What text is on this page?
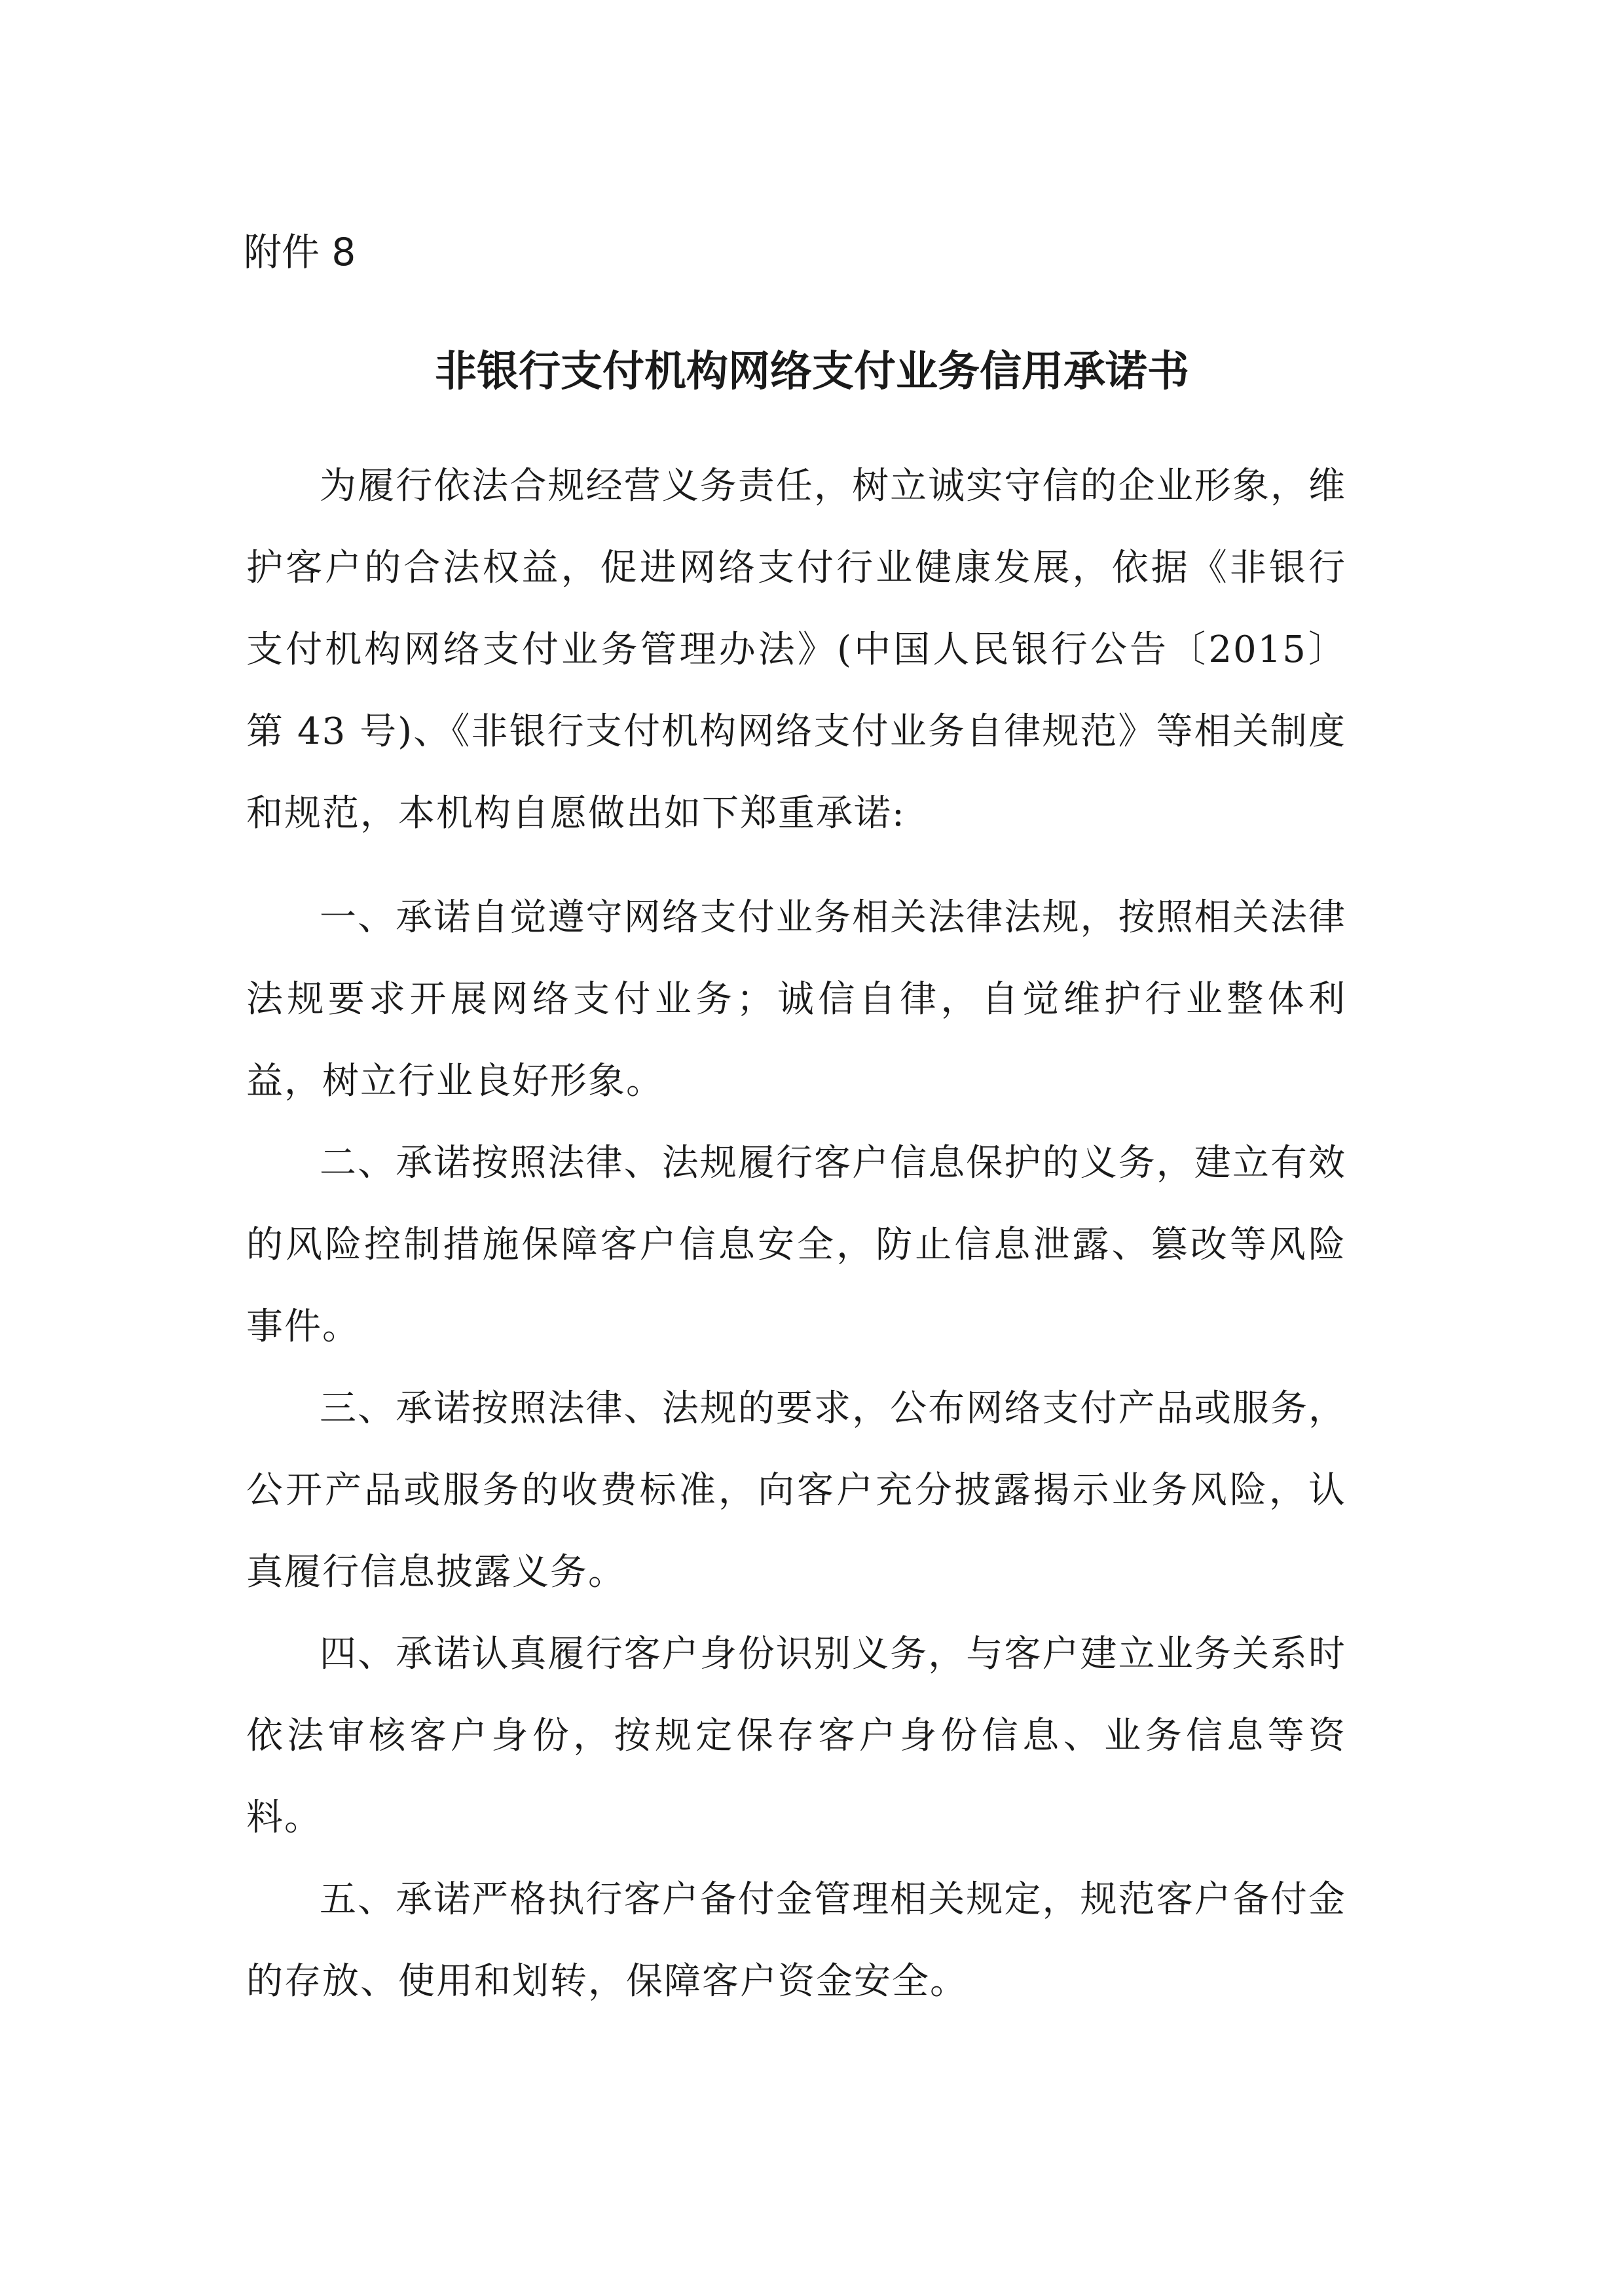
附件 8
非银行支付机构网络支付业务信用承诺书

为履行依法合规经营义务责任，树立诚实守信的企业形象，维护客户的合法权益，促进网络支付行业健康发展，依据《非银行支付机构网络支付业务管理办法》(中国人民银行公告〔2015〕第 43 号)、《非银行支付机构网络支付业务自律规范》等相关制度和规范，本机构自愿做出如下郑重承诺:

一、承诺自觉遵守网络支付业务相关法律法规，按照相关法律法规要求开展网络支付业务；诚信自律，自觉维护行业整体利益，树立行业良好形象。

二、承诺按照法律、法规履行客户信息保护的义务，建立有效的风险控制措施保障客户信息安全，防止信息泄露、篡改等风险事件。

三、承诺按照法律、法规的要求，公布网络支付产品或服务，公开产品或服务的收费标准，向客户充分披露揭示业务风险，认真履行信息披露义务。

四、承诺认真履行客户身份识别义务，与客户建立业务关系时依法审核客户身份，按规定保存客户身份信息、业务信息等资料。

五、承诺严格执行客户备付金管理相关规定，规范客户备付金的存放、使用和划转，保障客户资金安全。
